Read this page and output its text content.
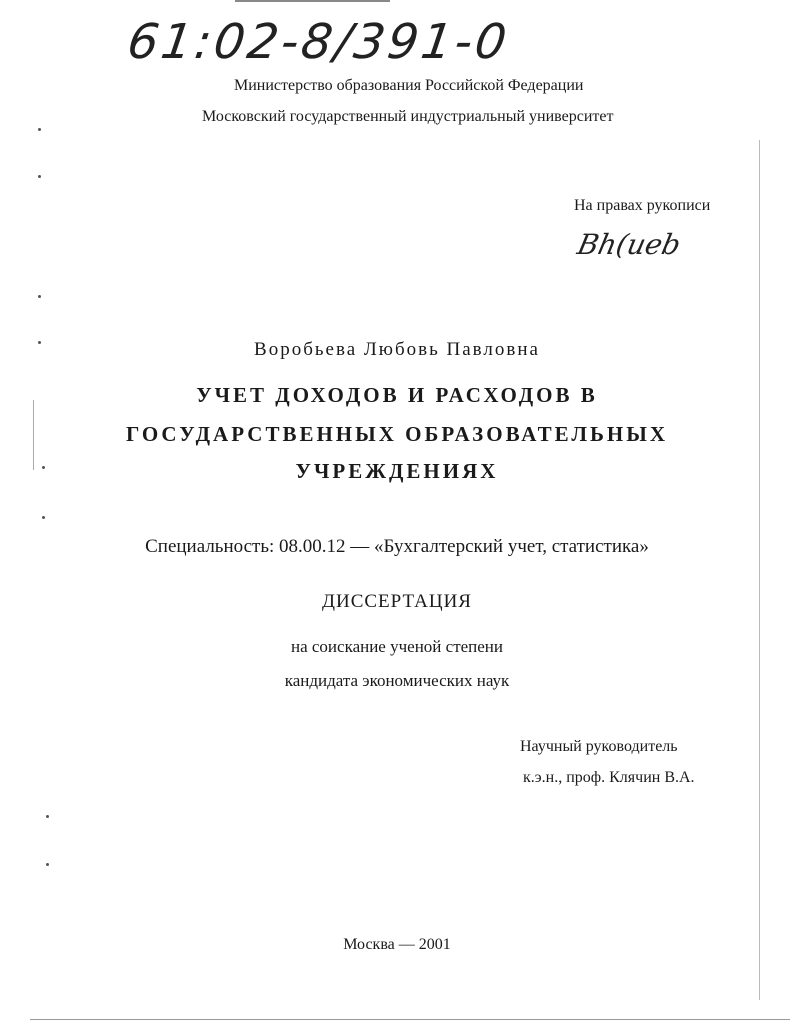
61:02-8/391-0
Министерство образования Российской Федерации
Московский государственный индустриальный университет
На правах рукописи
Bh(ueb
Воробьева Любовь Павловна
УЧЕТ ДОХОДОВ И РАСХОДОВ В
ГОСУДАРСТВЕННЫХ ОБРАЗОВАТЕЛЬНЫХ
УЧРЕЖДЕНИЯХ
Специальность: 08.00.12 — «Бухгалтерский учет, статистика»
ДИССЕРТАЦИЯ
на соискание ученой степени
кандидата экономических наук
Научный руководитель
к.э.н., проф. Клячин В.А.
Москва — 2001
